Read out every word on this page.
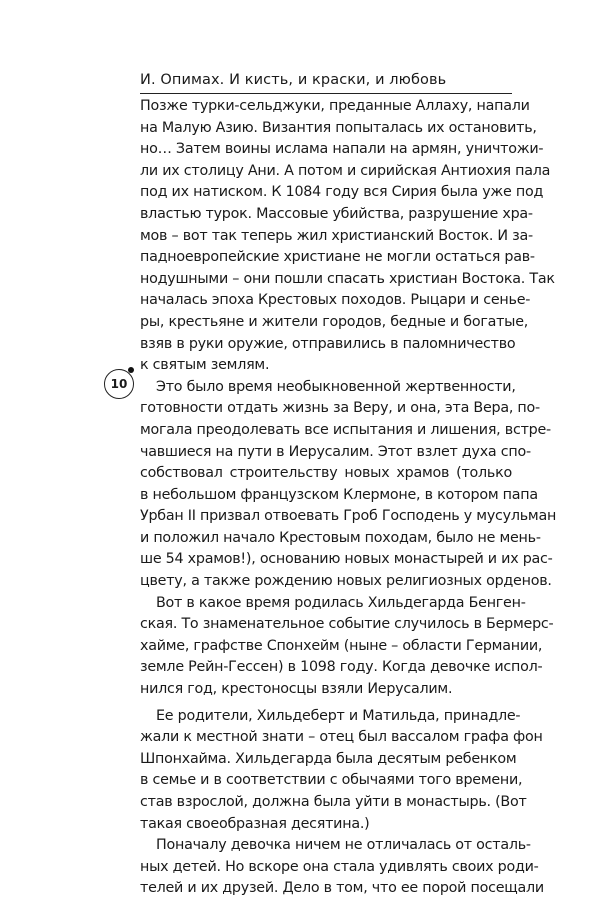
И. Опимах. И кисть, и краски, и любовь
Позже турки-сельджуки, преданные Аллаху, напали
на Малую Азию. Византия попыталась их остановить,
но… Затем воины ислама напали на армян, уничтожи-
ли их столицу Ани. А потом и сирийская Антиохия пала
под их натиском. К 1084 году вся Сирия была уже под
властью турок. Массовые убийства, разрушение хра-
мов – вот так теперь жил христианский Восток. И за-
падноевропейские христиане не могли остаться рав-
нодушными – они пошли спасать христиан Востока. Так
началась эпоха Крестовых походов. Рыцари и сенье-
ры, крестьяне и жители городов, бедные и богатые,
взяв в руки оружие, отправились в паломничество
к святым землям.
Это было время необыкновенной жертвенности,
готовности отдать жизнь за Веру, и она, эта Вера, по-
могала преодолевать все испытания и лишения, встре-
чавшиеся на пути в Иерусалим. Этот взлет духа спо-
собствовал строительству новых храмов (только
в небольшом французском Клермоне, в котором папа
Урбан II призвал отвоевать Гроб Господень у мусульман
и положил начало Крестовым походам, было не мень-
ше 54 храмов!), основанию новых монастырей и их рас-
цвету, а также рождению новых религиозных орденов.
Вот в какое время родилась Хильдегарда Бенген-
ская. То знаменательное событие случилось в Бермерс-
хайме, графстве Спонхейм (ныне – области Германии,
земле Рейн-Гессен) в 1098 году. Когда девочке испол-
нился год, крестоносцы взяли Иерусалим.
Ее родители, Хильдеберт и Матильда, принадле-
жали к местной знати – отец был вассалом графа фон
Шпонхайма. Хильдегарда была десятым ребенком
в семье и в соответствии с обычаями того времени,
став взрослой, должна была уйти в монастырь. (Вот
такая своеобразная десятина.)
Поначалу девочка ничем не отличалась от осталь-
ных детей. Но вскоре она стала удивлять своих роди-
телей и их друзей. Дело в том, что ее порой посещали
10
